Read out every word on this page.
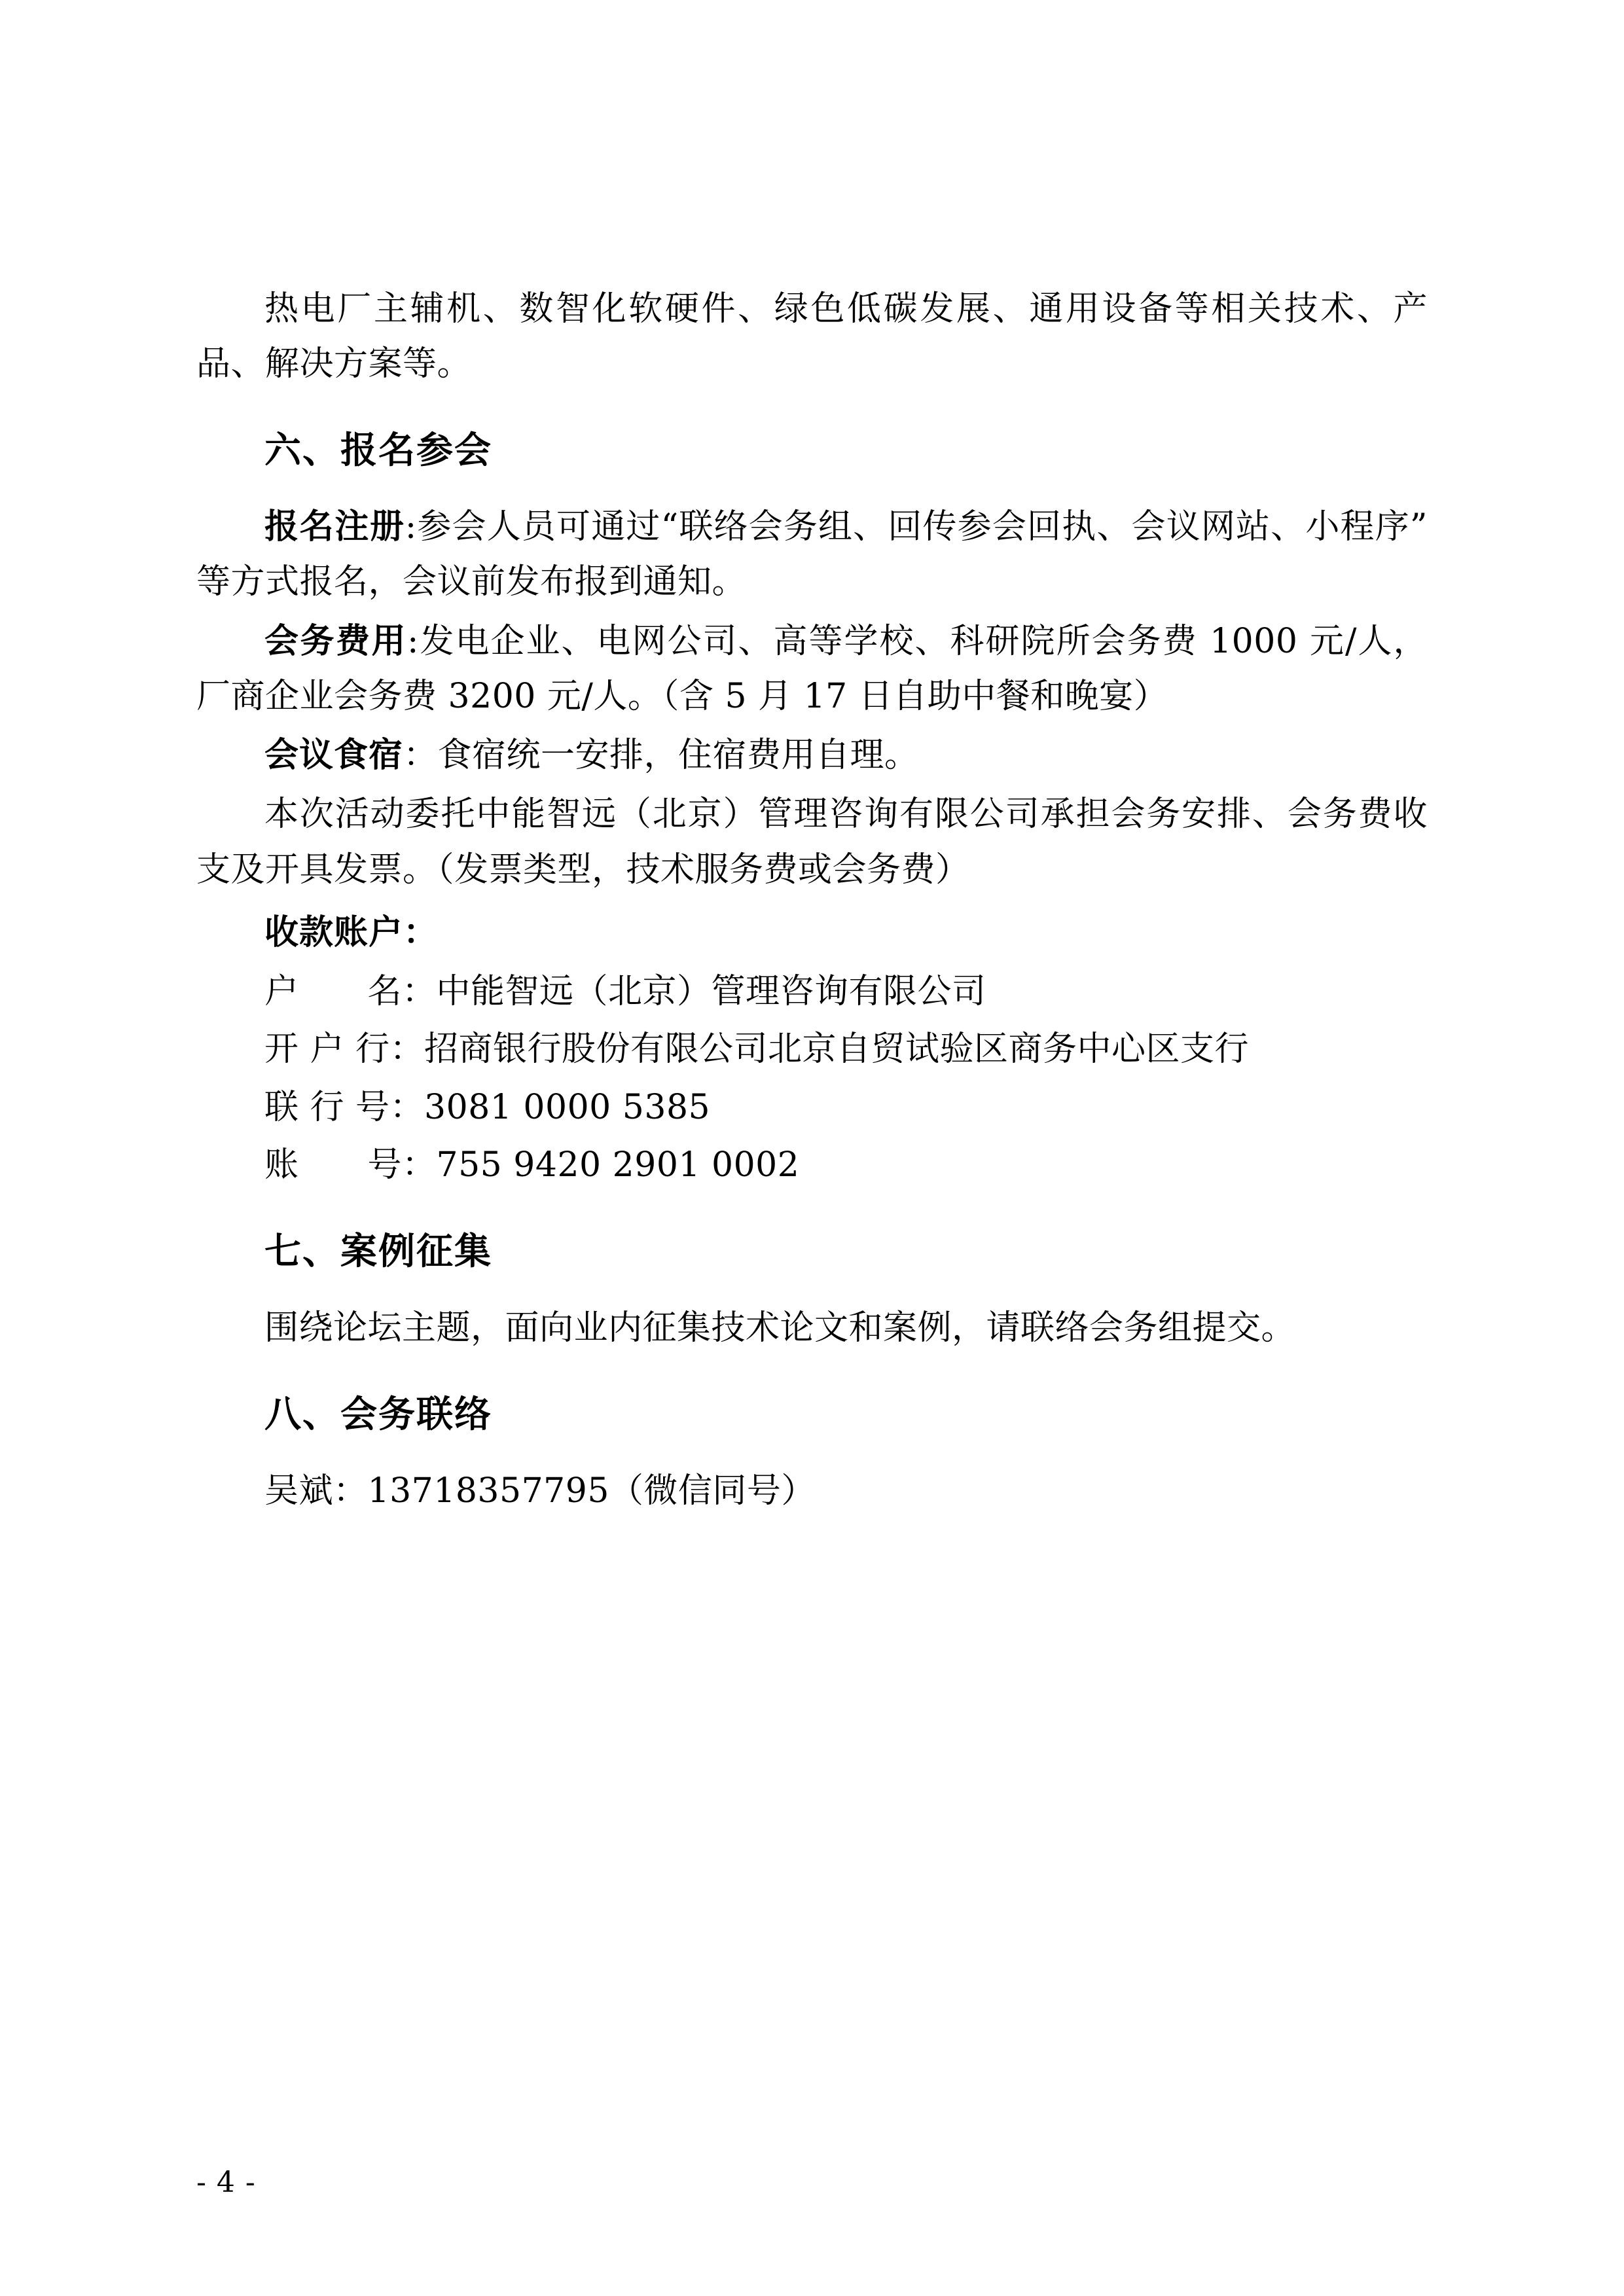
热电厂主辅机、数智化软硬件、绿色低碳发展、通用设备等相关技术、产品、解决方案等。

六、报名参会

报名注册:参会人员可通过“联络会务组、回传参会回执、会议网站、小程序”等方式报名，会议前发布报到通知。

会务费用:发电企业、电网公司、高等学校、科研院所会务费 1000 元/人，厂商企业会务费 3200 元/人。（含 5 月 17 日自助中餐和晚宴）

会议食宿：食宿统一安排，住宿费用自理。

本次活动委托中能智远（北京）管理咨询有限公司承担会务安排、会务费收支及开具发票。（发票类型，技术服务费或会务费）

收款账户：

户　　名：中能智远（北京）管理咨询有限公司

开 户 行：招商银行股份有限公司北京自贸试验区商务中心区支行

联 行 号：3081 0000 5385

账　　号：755 9420 2901 0002

七、案例征集

围绕论坛主题，面向业内征集技术论文和案例，请联络会务组提交。

八、会务联络

吴斌：13718357795（微信同号）

- 4 -
